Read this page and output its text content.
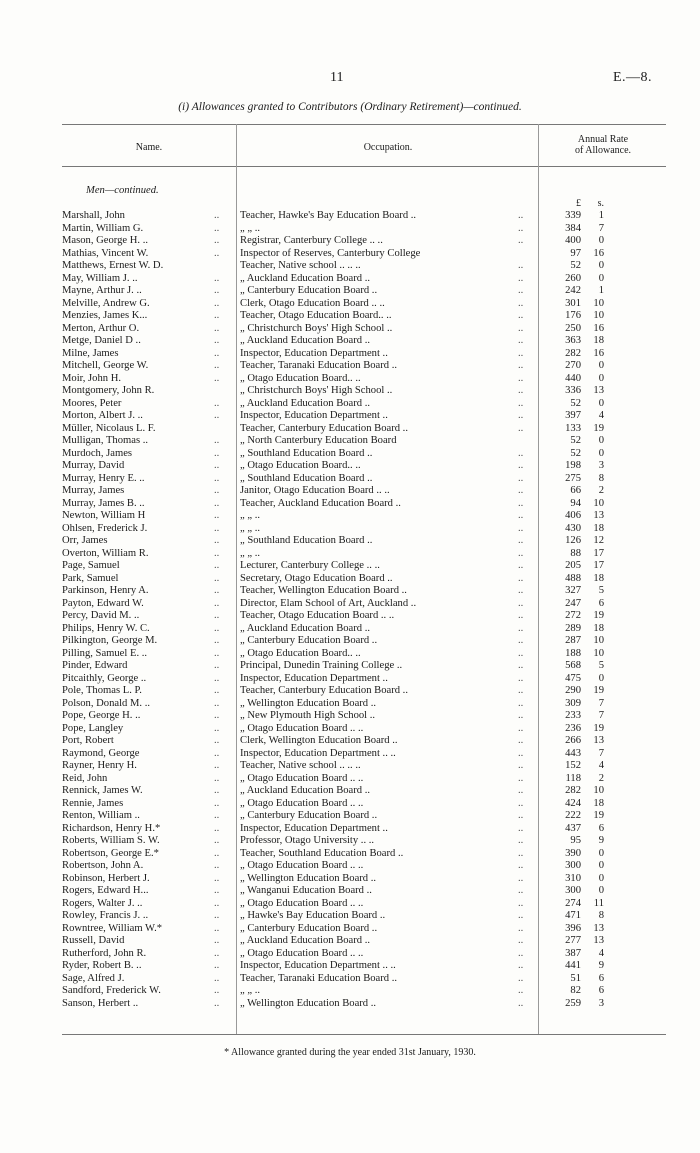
11	E.—8.
(i) Allowances granted to Contributors (Ordinary Retirement)—continued.
Name.	Occupation.
Annual Rate
of Allowance.
Men—continued.
£	s.
Marshall, John	.. Teacher, Hawke's Bay Education Board ..	..	339	1
Martin, William G.	.. „ „ ..	..	384	7
Mason, George H. ..	.. Registrar, Canterbury College .. ..	..	400	0
Mathias, Vincent W.	.. Inspector of Reserves, Canterbury College	97	16
Matthews, Ernest W. D.	Teacher, Native school .. .. ..	..	52	0
May, William J. ..	.. „ Auckland Education Board ..	..	260	0
Mayne, Arthur J. ..	.. „ Canterbury Education Board ..	..	242	1
Melville, Andrew G.	.. Clerk, Otago Education Board .. ..	..	301	10
Menzies, James K...	.. Teacher, Otago Education Board.. ..	..	176	10
Merton, Arthur O.	.. „ Christchurch Boys' High School ..	..	250	16
Metge, Daniel D ..	.. „ Auckland Education Board ..	..	363	18
Milne, James	.. Inspector, Education Department ..	..	282	16
Mitchell, George W.	.. Teacher, Taranaki Education Board ..	..	270	0
Moir, John H.	.. „ Otago Education Board.. ..	..	440	0
Montgomery, John R.	„ Christchurch Boys' High School ..	..	336	13
Moores, Peter	.. „ Auckland Education Board ..	..	52	0
Morton, Albert J. ..	.. Inspector, Education Department ..	..	397	4
Müller, Nicolaus L. F.	Teacher, Canterbury Education Board ..	..	133	19
Mulligan, Thomas ..	.. „ North Canterbury Education Board	52	0
Murdoch, James	.. „ Southland Education Board ..	..	52	0
Murray, David	.. „ Otago Education Board.. ..	..	198	3
Murray, Henry E. ..	.. „ Southland Education Board ..	..	275	8
Murray, James	.. Janitor, Otago Education Board .. ..	..	66	2
Murray, James B. ..	.. Teacher, Auckland Education Board ..	..	94	10
Newton, William H	.. „ „ ..	..	406	13
Ohlsen, Frederick J.	.. „ „ ..	..	430	18
Orr, James	.. „ Southland Education Board ..	..	126	12
Overton, William R.	.. „ „ ..	..	88	17
Page, Samuel	.. Lecturer, Canterbury College .. ..	..	205	17
Park, Samuel	.. Secretary, Otago Education Board ..	..	488	18
Parkinson, Henry A.	.. Teacher, Wellington Education Board ..	..	327	5
Payton, Edward W.	.. Director, Elam School of Art, Auckland ..	..	247	6
Percy, David M. ..	.. Teacher, Otago Education Board .. ..	..	272	19
Philips, Henry W. C.	.. „ Auckland Education Board ..	..	289	18
Pilkington, George M.	.. „ Canterbury Education Board ..	..	287	10
Pilling, Samuel E. ..	.. „ Otago Education Board.. ..	..	188	10
Pinder, Edward	.. Principal, Dunedin Training College ..	..	568	5
Pitcaithly, George ..	.. Inspector, Education Department ..	..	475	0
Pole, Thomas L. P.	.. Teacher, Canterbury Education Board ..	..	290	19
Polson, Donald M. ..	.. „ Wellington Education Board ..	..	309	7
Pope, George H. ..	.. „ New Plymouth High School ..	..	233	7
Pope, Langley	.. „ Otago Education Board .. ..	..	236	19
Port, Robert	.. Clerk, Wellington Education Board ..	..	266	13
Raymond, George	.. Inspector, Education Department .. ..	..	443	7
Rayner, Henry H.	.. Teacher, Native school .. .. ..	..	152	4
Reid, John	.. „ Otago Education Board .. ..	..	118	2
Rennick, James W.	.. „ Auckland Education Board ..	..	282	10
Rennie, James	.. „ Otago Education Board .. ..	..	424	18
Renton, William ..	.. „ Canterbury Education Board ..	..	222	19
Richardson, Henry H.*	.. Inspector, Education Department ..	..	437	6
Roberts, William S. W.	.. Professor, Otago University .. ..	..	95	9
Robertson, George E.*	.. Teacher, Southland Education Board ..	..	390	0
Robertson, John A.	.. „ Otago Education Board .. ..	..	300	0
Robinson, Herbert J.	.. „ Wellington Education Board ..	..	310	0
Rogers, Edward H...	.. „ Wanganui Education Board ..	..	300	0
Rogers, Walter J. ..	.. „ Otago Education Board .. ..	..	274	11
Rowley, Francis J. ..	.. „ Hawke's Bay Education Board ..	..	471	8
Rowntree, William W.*	.. „ Canterbury Education Board ..	..	396	13
Russell, David	.. „ Auckland Education Board ..	..	277	13
Rutherford, John R.	.. „ Otago Education Board .. ..	..	387	4
Ryder, Robert B. ..	.. Inspector, Education Department .. ..	..	441	9
Sage, Alfred J.	.. Teacher, Taranaki Education Board ..	..	51	6
Sandford, Frederick W.	.. „ „ ..	..	82	6
Sanson, Herbert ..	.. „ Wellington Education Board ..	..	259	3
* Allowance granted during the year ended 31st January, 1930.
